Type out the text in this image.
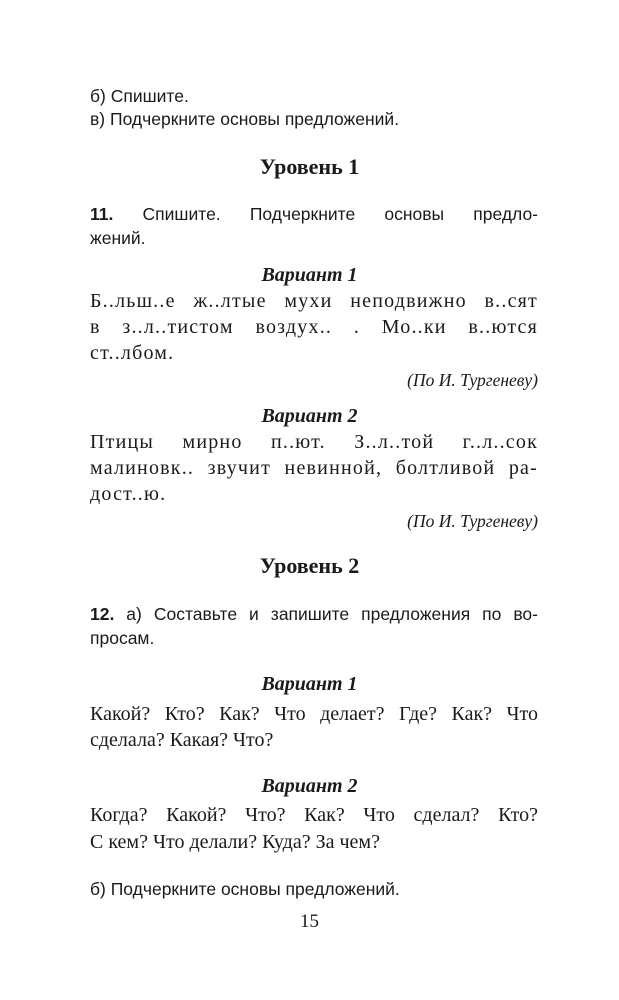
б) Спишите.
в) Подчеркните основы предложений.
Уровень 1
11. Спишите. Подчеркните основы предло-
жений.
Вариант 1
Б..льш..е ж..лтые мухи неподвижно в..сят
в з..л..тистом воздух.. . Мо..ки в..ются
ст..лбом.
(По И. Тургеневу)
Вариант 2
Птицы мирно п..ют. З..л..той г..л..сок
малиновк.. звучит невинной, болтливой ра-
дост..ю.
(По И. Тургеневу)
Уровень 2
12. а) Составьте и запишите предложения по во-
просам.
Вариант 1
Какой? Кто? Как? Что делает? Где? Как? Что
сделала? Какая? Что?
Вариант 2
Когда? Какой? Что? Как? Что сделал? Кто?
С кем? Что делали? Куда? За чем?
б) Подчеркните основы предложений.
15
